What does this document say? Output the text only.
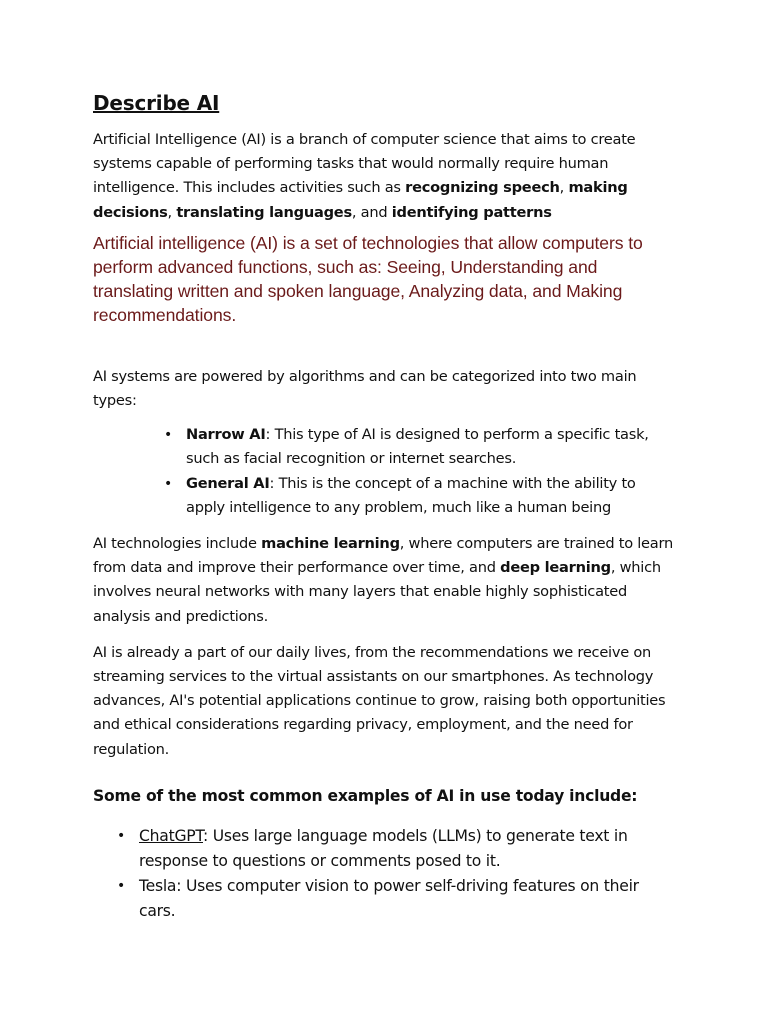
Describe AI

Artificial Intelligence (AI) is a branch of computer science that aims to create systems capable of performing tasks that would normally require human intelligence. This includes activities such as recognizing speech, making decisions, translating languages, and identifying patterns

Artificial intelligence (AI) is a set of technologies that allow computers to perform advanced functions, such as: Seeing, Understanding and translating written and spoken language, Analyzing data, and Making recommendations.

AI systems are powered by algorithms and can be categorized into two main types:

• Narrow AI: This type of AI is designed to perform a specific task, such as facial recognition or internet searches.
• General AI: This is the concept of a machine with the ability to apply intelligence to any problem, much like a human being

AI technologies include machine learning, where computers are trained to learn from data and improve their performance over time, and deep learning, which involves neural networks with many layers that enable highly sophisticated analysis and predictions.

AI is already a part of our daily lives, from the recommendations we receive on streaming services to the virtual assistants on our smartphones. As technology advances, AI's potential applications continue to grow, raising both opportunities and ethical considerations regarding privacy, employment, and the need for regulation.

Some of the most common examples of AI in use today include:

• ChatGPT: Uses large language models (LLMs) to generate text in response to questions or comments posed to it.
• Tesla: Uses computer vision to power self-driving features on their cars.
